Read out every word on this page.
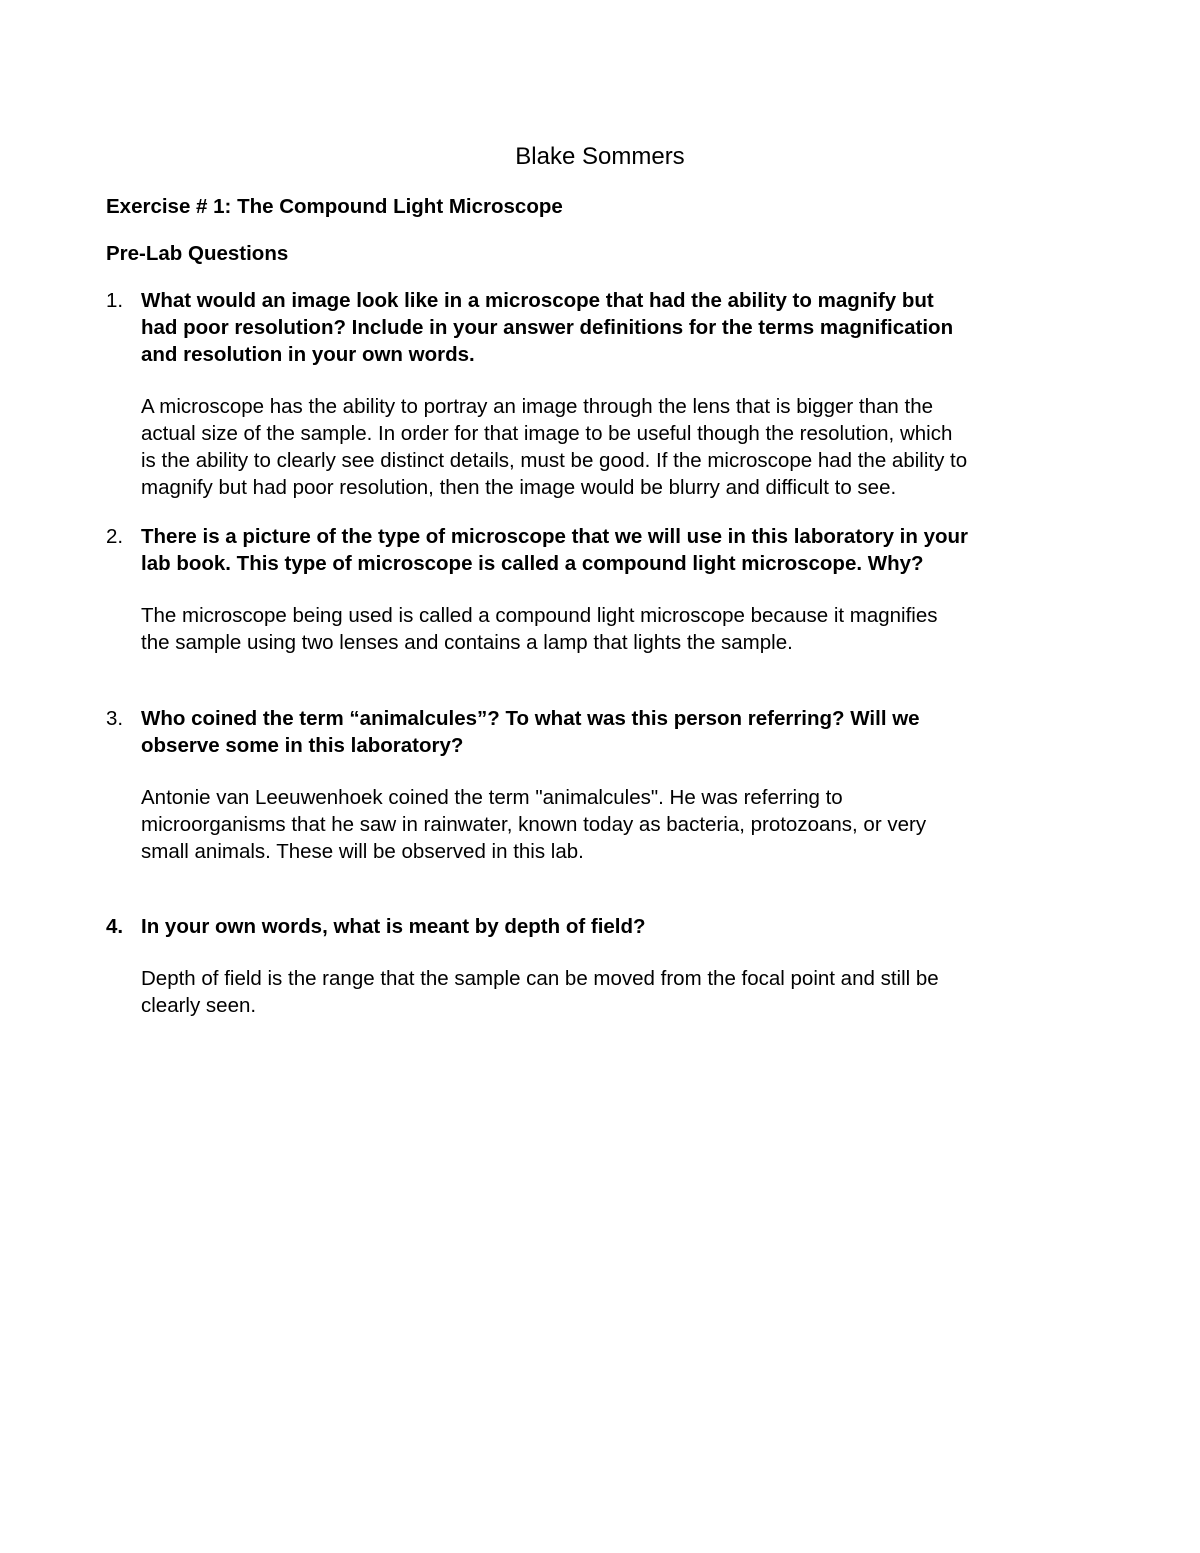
Blake Sommers
Exercise # 1: The Compound Light Microscope
Pre-Lab Questions
1. What would an image look like in a microscope that had the ability to magnify but
had poor resolution? Include in your answer definitions for the terms magnification
and resolution in your own words.
A microscope has the ability to portray an image through the lens that is bigger than the
actual size of the sample. In order for that image to be useful though the resolution, which
is the ability to clearly see distinct details, must be good. If the microscope had the ability to
magnify but had poor resolution, then the image would be blurry and difficult to see.
2. There is a picture of the type of microscope that we will use in this laboratory in your
lab book. This type of microscope is called a compound light microscope. Why?
The microscope being used is called a compound light microscope because it magnifies
the sample using two lenses and contains a lamp that lights the sample.
3. Who coined the term “animalcules”? To what was this person referring? Will we
observe some in this laboratory?
Antonie van Leeuwenhoek coined the term "animalcules". He was referring to
microorganisms that he saw in rainwater, known today as bacteria, protozoans, or very
small animals. These will be observed in this lab.
4. In your own words, what is meant by depth of field?
Depth of field is the range that the sample can be moved from the focal point and still be
clearly seen.
